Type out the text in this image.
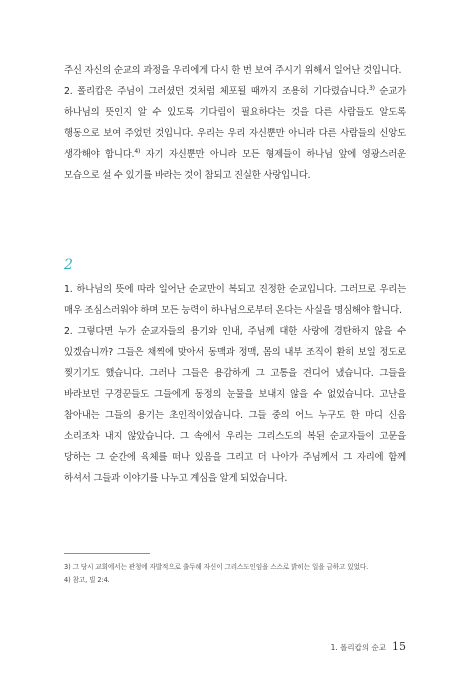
주신 자신의 순교의 과정을 우리에게 다시 한 번 보여 주시기 위해서 일어난 것입니다.

2. 폴리캅은 주님이 그러셨던 것처럼 체포될 때까지 조용히 기다렸습니다.$^{3)}$ 순교가 하나님의 뜻인지 알 수 있도록 기다림이 필요하다는 것을 다른 사람들도 알도록 행동으로 보여 주었던 것입니다. 우리는 우리 자신뿐만 아니라 다른 사람들의 신앙도 생각해야 합니다.$^{4)}$ 자기 자신뿐만 아니라 모든 형제들이 하나님 앞에 영광스러운 모습으로 설 수 있기를 바라는 것이 참되고 진실한 사랑입니다.

2

1. 하나님의 뜻에 따라 일어난 순교만이 복되고 진정한 순교입니다. 그러므로 우리는 매우 조심스러워야 하며 모든 능력이 하나님으로부터 온다는 사실을 명심해야 합니다.

2. 그렇다면 누가 순교자들의 용기와 인내, 주님께 대한 사랑에 경탄하지 않을 수 있겠습니까? 그들은 채찍에 맞아서 동맥과 정맥, 몸의 내부 조직이 환히 보일 정도로 찢기기도 했습니다. 그러나 그들은 용감하게 그 고통을 견디어 냈습니다. 그들을 바라보던 구경꾼들도 그들에게 동정의 눈물을 보내지 않을 수 없었습니다. 고난을 참아내는 그들의 용기는 초인적이었습니다. 그들 중의 어느 누구도 한 마디 신음 소리조차 내지 않았습니다. 그 속에서 우리는 그리스도의 복된 순교자들이 고문을 당하는 그 순간에 육체를 떠나 있음을 그리고 더 나아가 주님께서 그 자리에 함께 하셔서 그들과 이야기를 나누고 계심을 알게 되었습니다.

3) 그 당시 교회에서는 관청에 자발적으로 출두해 자신이 그리스도인임을 스스로 밝히는 일을 금하고 있었다.

4) 참고, 빌 2:4.

1. 폴리캅의 순교 15
